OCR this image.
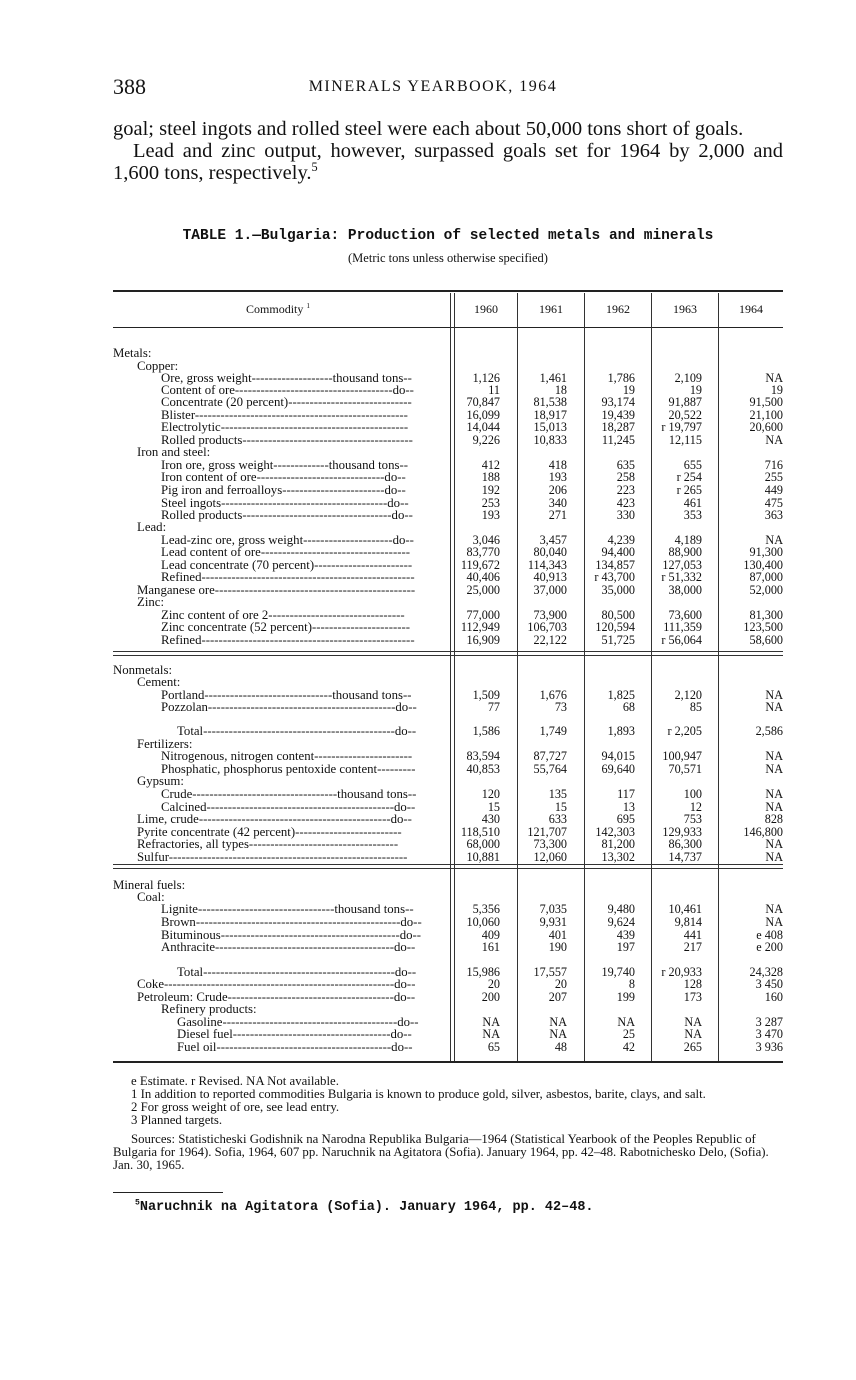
388	MINERALS YEARBOOK, 1964

goal; steel ingots and rolled steel were each about 50,000 tons short of goals.

Lead and zinc output, however, surpassed goals set for 1964 by 2,000 and 1,600 tons, respectively.$^5$

TABLE 1.—Bulgaria: Production of selected metals and minerals
(Metric tons unless otherwise specified)
Commodity $^1$	1960	1961	1962	1963	1964
Metals:
Copper:
Ore, gross weight-------------------thousand tons--	1,126	1,461	1,786	2,109	NA
Content of ore-------------------------------------do--	11	18	19	19	19
Concentrate (20 percent)-----------------------------	70,847	81,538	93,174	91,887	91,500
Blister--------------------------------------------------	16,099	18,917	19,439	20,522	21,100
Electrolytic--------------------------------------------	14,044	15,013	18,287	r 19,797	20,600
Rolled products----------------------------------------	9,226	10,833	11,245	12,115	NA
Iron and steel:
Iron ore, gross weight-------------thousand tons--	412	418	635	655	716
Iron content of ore------------------------------do--	188	193	258	r 254	255
Pig iron and ferroalloys------------------------do--	192	206	223	r 265	449
Steel ingots---------------------------------------do--	253	340	423	461	475
Rolled products-----------------------------------do--	193	271	330	353	363
Lead:
Lead-zinc ore, gross weight---------------------do--	3,046	3,457	4,239	4,189	NA
Lead content of ore-----------------------------------	83,770	80,040	94,400	88,900	91,300
Lead concentrate (70 percent)-----------------------	119,672	114,343	134,857	127,053	130,400
Refined--------------------------------------------------	40,406	40,913	r 43,700	r 51,332	87,000
Manganese ore-----------------------------------------------	25,000	37,000	35,000	38,000	52,000
Zinc:
Zinc content of ore 2--------------------------------	77,000	73,900	80,500	73,600	81,300
Zinc concentrate (52 percent)-----------------------	112,949	106,703	120,594	111,359	123,500
Refined--------------------------------------------------	16,909	22,122	51,725	r 56,064	58,600
Nonmetals:
Cement:
Portland------------------------------thousand tons--	1,509	1,676	1,825	2,120	NA
Pozzolan--------------------------------------------do--	77	73	68	85	NA
Total---------------------------------------------do--	1,586	1,749	1,893	r 2,205	2,586
Fertilizers:
Nitrogenous, nitrogen content-----------------------	83,594	87,727	94,015	100,947	NA
Phosphatic, phosphorus pentoxide content---------	40,853	55,764	69,640	70,571	NA
Gypsum:
Crude----------------------------------thousand tons--	120	135	117	100	NA
Calcined--------------------------------------------do--	15	15	13	12	NA
Lime, crude---------------------------------------------do--	430	633	695	753	828
Pyrite concentrate (42 percent)-------------------------	118,510	121,707	142,303	129,933	146,800
Refractories, all types-----------------------------------	68,000	73,300	81,200	86,300	NA
Sulfur--------------------------------------------------------	10,881	12,060	13,302	14,737	NA
Mineral fuels:
Coal:
Lignite--------------------------------thousand tons--	5,356	7,035	9,480	10,461	NA
Brown------------------------------------------------do--	10,060	9,931	9,624	9,814	NA
Bituminous------------------------------------------do--	409	401	439	441	e 408
Anthracite------------------------------------------do--	161	190	197	217	e 200
Total---------------------------------------------do--	15,986	17,557	19,740	r 20,933	24,328
Coke------------------------------------------------------do--	20	20	8	128	3 450
Petroleum: Crude---------------------------------------do--	200	207	199	173	160
Refinery products:
Gasoline-----------------------------------------do--	NA	NA	NA	NA	3 287
Diesel fuel-------------------------------------do--	NA	NA	25	NA	3 470
Fuel oil-----------------------------------------do--	65	48	42	265	3 936
e Estimate. r Revised. NA Not available.
1 In addition to reported commodities Bulgaria is known to produce gold, silver, asbestos, barite, clays, and salt.
2 For gross weight of ore, see lead entry.
3 Planned targets.
Sources: Statisticheski Godishnik na Narodna Republika Bulgaria—1964 (Statistical Yearbook of the Peoples Republic of Bulgaria for 1964). Sofia, 1964, 607 pp. Naruchnik na Agitatora (Sofia). January 1964, pp. 42–48. Rabotnichesko Delo, (Sofia). Jan. 30, 1965.
$^5$Naruchnik na Agitatora (Sofia). January 1964, pp. 42–48.
